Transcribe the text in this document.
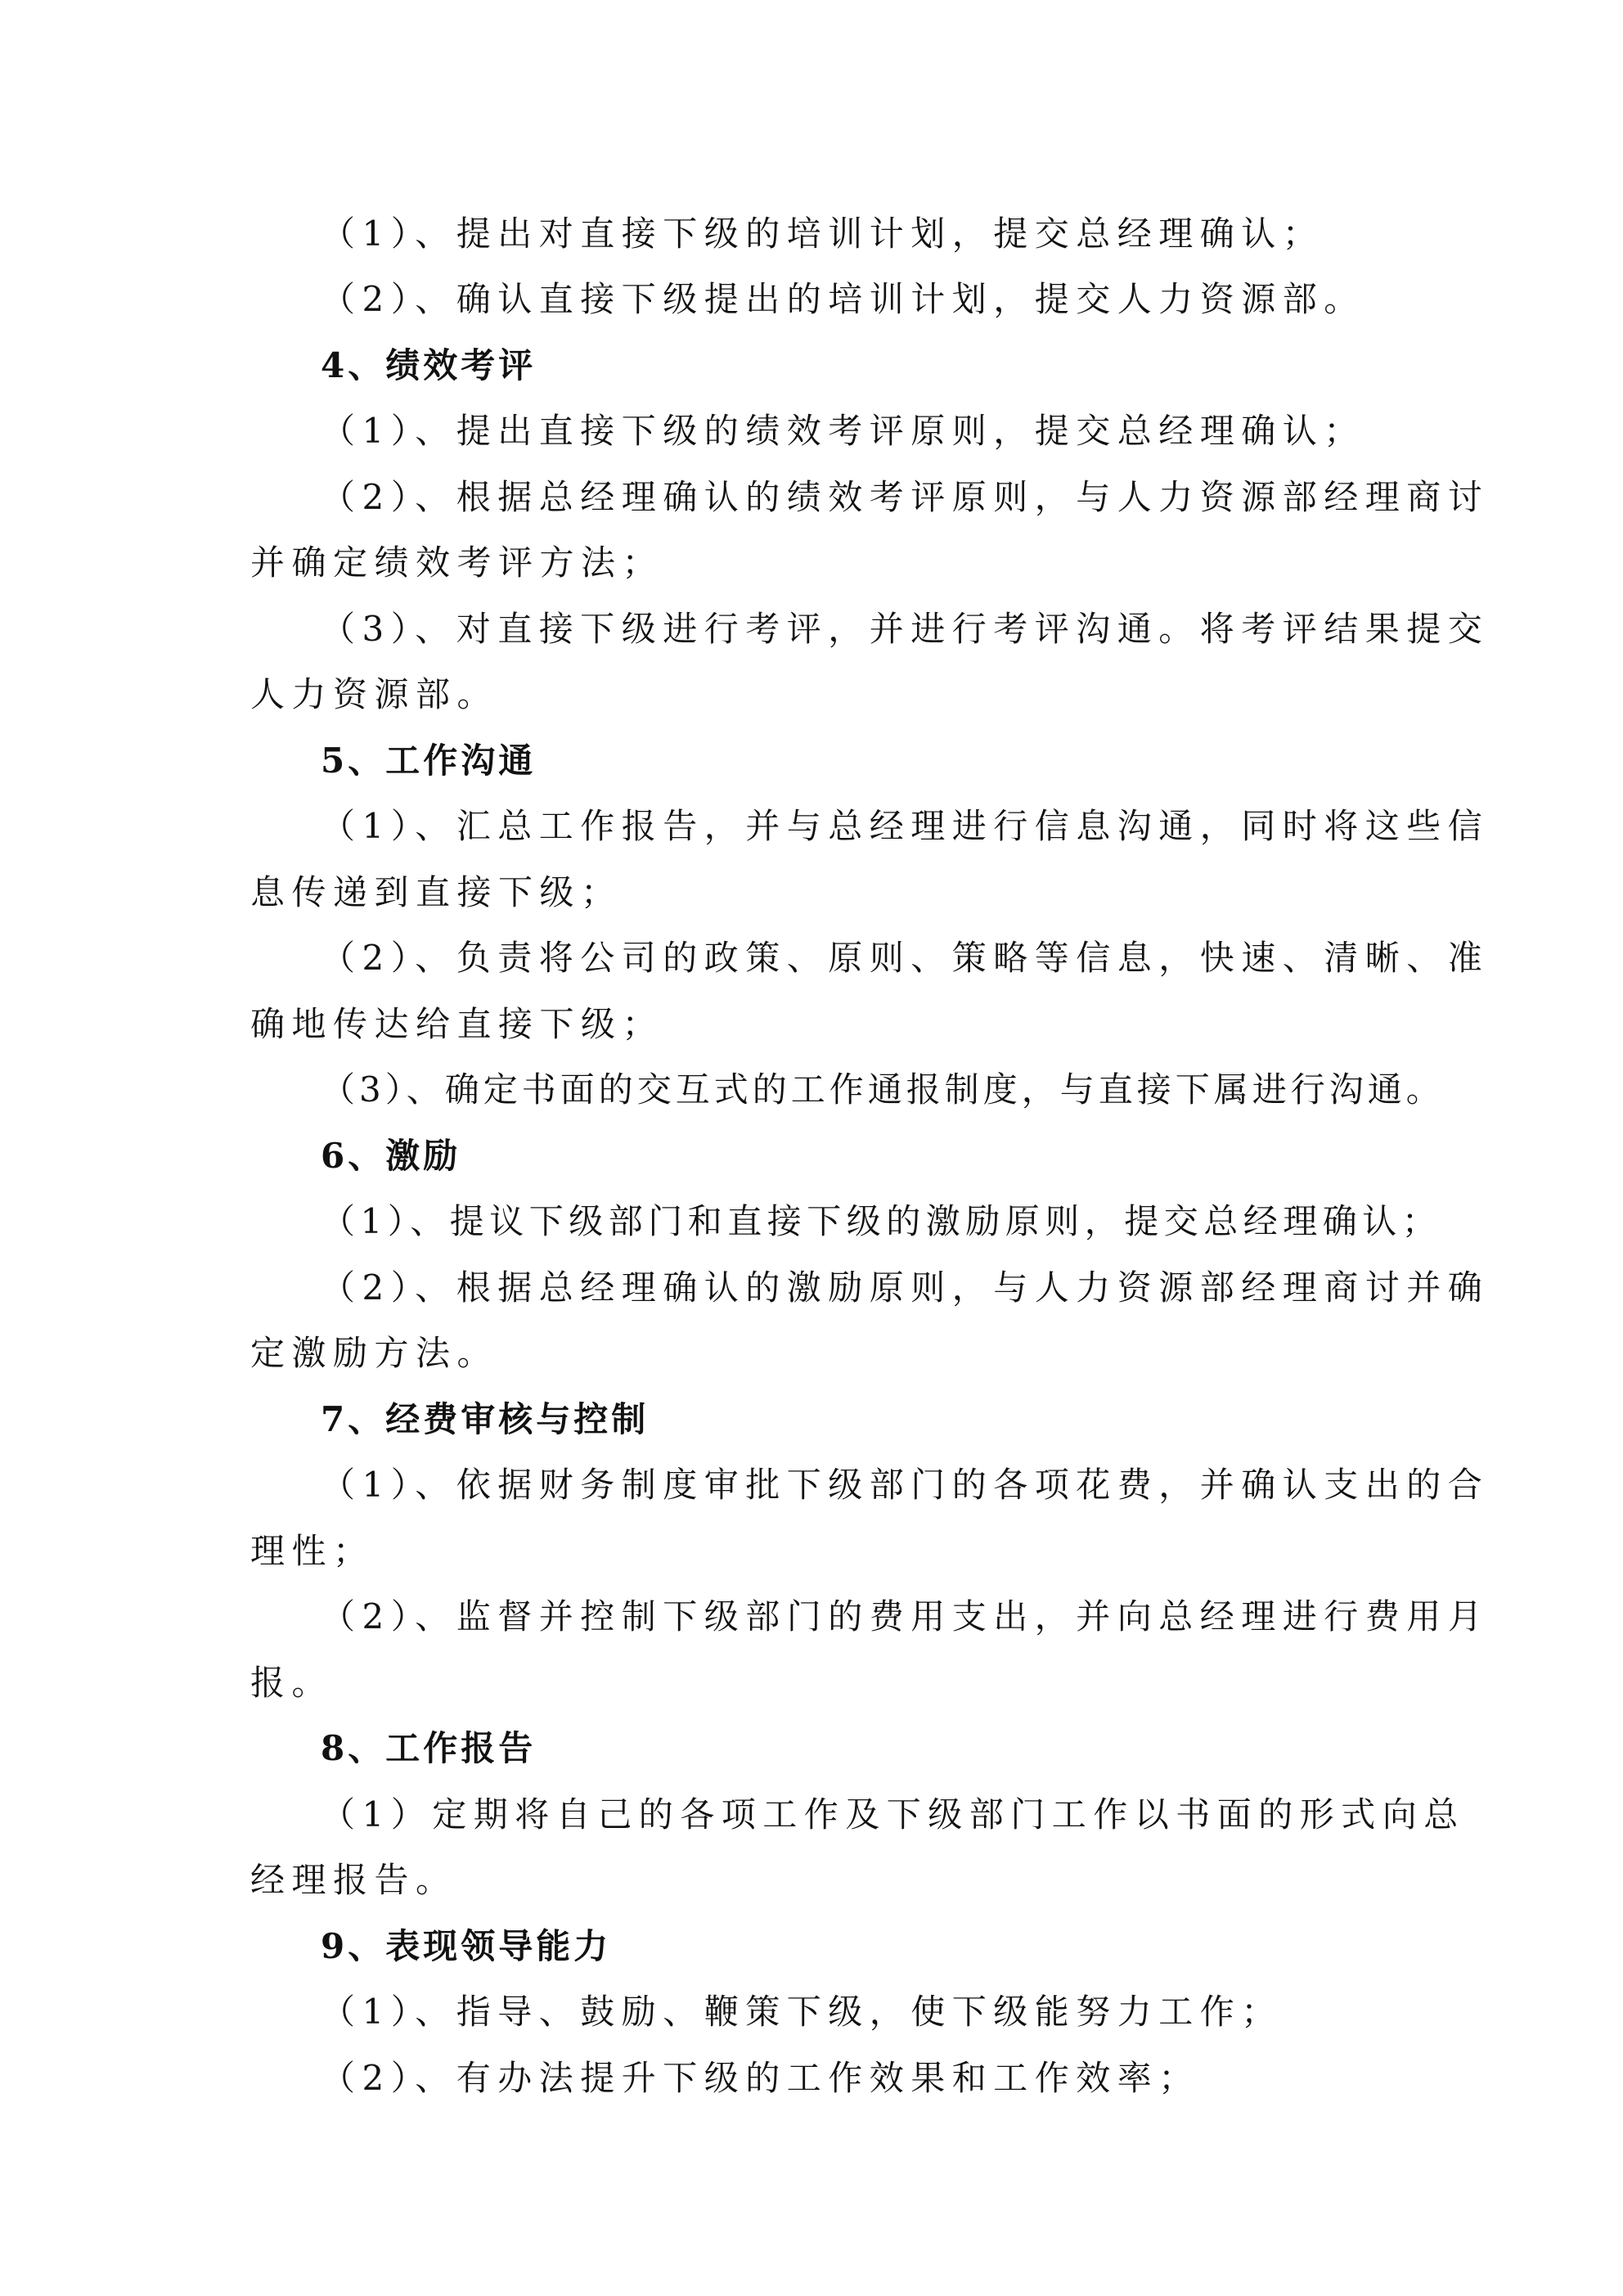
（1）、提出对直接下级的培训计划，提交总经理确认；
（2）、确认直接下级提出的培训计划，提交人力资源部。
4、绩效考评
（1）、提出直接下级的绩效考评原则，提交总经理确认；
（2）、根据总经理确认的绩效考评原则，与人力资源部经理商讨
并确定绩效考评方法；
（3）、对直接下级进行考评，并进行考评沟通。将考评结果提交
人力资源部。
5、工作沟通
（1）、汇总工作报告，并与总经理进行信息沟通，同时将这些信
息传递到直接下级；
（2）、负责将公司的政策、原则、策略等信息，快速、清晰、准
确地传达给直接下级；
（3）、确定书面的交互式的工作通报制度，与直接下属进行沟通。
6、激励
（1）、提议下级部门和直接下级的激励原则，提交总经理确认；
（2）、根据总经理确认的激励原则，与人力资源部经理商讨并确
定激励方法。
7、经费审核与控制
（1）、依据财务制度审批下级部门的各项花费，并确认支出的合
理性；
（2）、监督并控制下级部门的费用支出，并向总经理进行费用月
报。
8、工作报告
（1）定期将自己的各项工作及下级部门工作以书面的形式向总
经理报告。
9、表现领导能力
（1）、指导、鼓励、鞭策下级，使下级能努力工作；
（2）、有办法提升下级的工作效果和工作效率；
